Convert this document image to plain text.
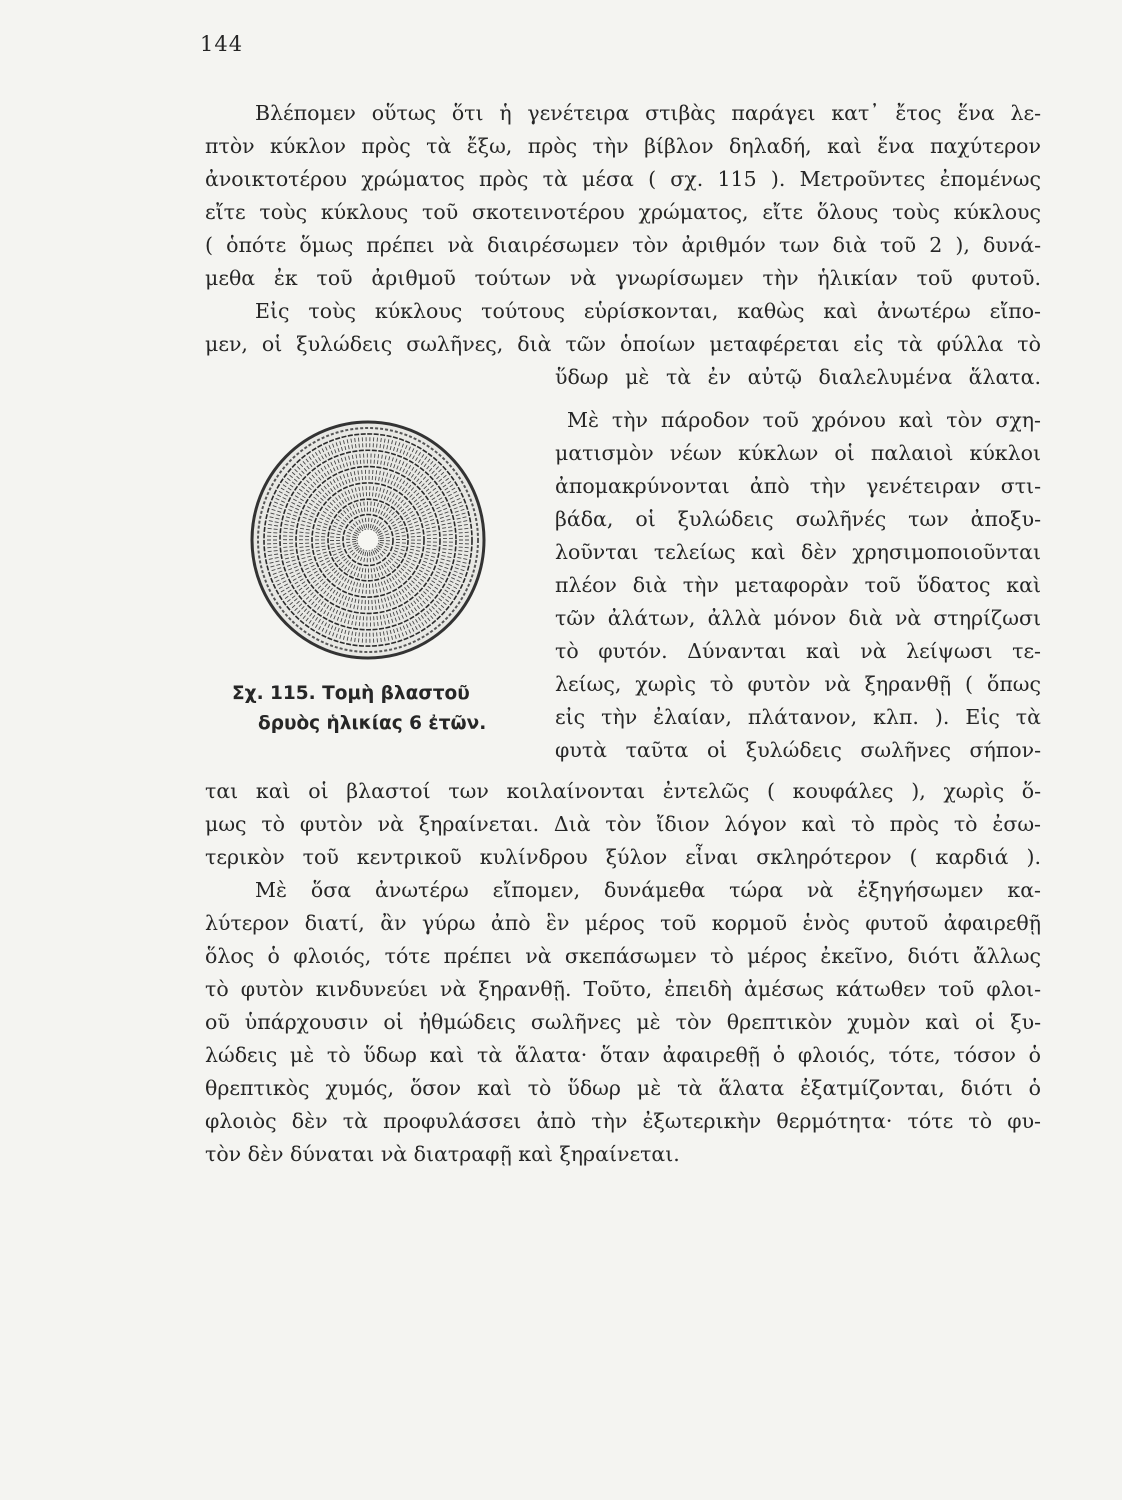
144
Βλέπομεν οὕτως ὅτι ἡ γενέτειρα στιβὰς παράγει κατ᾽ ἔτος ἕνα λε-
πτὸν κύκλον πρὸς τὰ ἔξω, πρὸς τὴν βίβλον δηλαδή, καὶ ἕνα παχύτερον
ἀνοικτοτέρου χρώματος πρὸς τὰ μέσα ( σχ. 115 ). Μετροῦντες ἐπομένως
εἴτε τοὺς κύκλους τοῦ σκοτεινοτέρου χρώματος, εἴτε ὅλους τοὺς κύκλους
( ὁπότε ὅμως πρέπει νὰ διαιρέσωμεν τὸν ἀριθμόν των διὰ τοῦ 2 ), δυνά-
μεθα ἐκ τοῦ ἀριθμοῦ τούτων νὰ γνωρίσωμεν τὴν ἡλικίαν τοῦ φυτοῦ.
Εἰς τοὺς κύκλους τούτους εὑρίσκονται, καθὼς καὶ ἀνωτέρω εἴπο-
μεν, οἱ ξυλώδεις σωλῆνες, διὰ τῶν ὁποίων μεταφέρεται εἰς τὰ φύλλα τὸ
ὕδωρ μὲ τὰ ἐν αὐτῷ διαλελυμένα ἅλατα.
Μὲ τὴν πάροδον τοῦ χρόνου καὶ τὸν σχη-
ματισμὸν νέων κύκλων οἱ παλαιοὶ κύκλοι
ἀπομακρύνονται ἀπὸ τὴν γενέτειραν στι-
βάδα, οἱ ξυλώδεις σωλῆνές των ἀποξυ-
λοῦνται τελείως καὶ δὲν χρησιμοποιοῦνται
πλέον διὰ τὴν μεταφορὰν τοῦ ὕδατος καὶ
τῶν ἀλάτων, ἀλλὰ μόνον διὰ νὰ στηρίζωσι
τὸ φυτόν. Δύνανται καὶ νὰ λείψωσι τε-
λείως, χωρὶς τὸ φυτὸν νὰ ξηρανθῇ ( ὅπως
εἰς τὴν ἐλαίαν, πλάτανον, κλπ. ). Εἰς τὰ
φυτὰ ταῦτα οἱ ξυλώδεις σωλῆνες σήπον-
ται καὶ οἱ βλαστοί των κοιλαίνονται ἐντελῶς ( κουφάλες ), χωρὶς ὅ-
μως τὸ φυτὸν νὰ ξηραίνεται. Διὰ τὸν ἴδιον λόγον καὶ τὸ πρὸς τὸ ἐσω-
τερικὸν τοῦ κεντρικοῦ κυλίνδρου ξύλον εἶναι σκληρότερον ( καρδιά ).
Μὲ ὅσα ἀνωτέρω εἴπομεν, δυνάμεθα τώρα νὰ ἐξηγήσωμεν κα-
λύτερον διατί, ἂν γύρω ἀπὸ ἓν μέρος τοῦ κορμοῦ ἑνὸς φυτοῦ ἀφαιρεθῇ
ὅλος ὁ φλοιός, τότε πρέπει νὰ σκεπάσωμεν τὸ μέρος ἐκεῖνο, διότι ἄλλως
τὸ φυτὸν κινδυνεύει νὰ ξηρανθῇ. Τοῦτο, ἐπειδὴ ἀμέσως κάτωθεν τοῦ φλοι-
οῦ ὑπάρχουσιν οἱ ἠθμώδεις σωλῆνες μὲ τὸν θρεπτικὸν χυμὸν καὶ οἱ ξυ-
λώδεις μὲ τὸ ὕδωρ καὶ τὰ ἅλατα· ὅταν ἀφαιρεθῇ ὁ φλοιός, τότε, τόσον ὁ
θρεπτικὸς χυμός, ὅσον καὶ τὸ ὕδωρ μὲ τὰ ἅλατα ἐξατμίζονται, διότι ὁ
φλοιὸς δὲν τὰ προφυλάσσει ἀπὸ τὴν ἐξωτερικὴν θερμότητα· τότε τὸ φυ-
τὸν δὲν δύναται νὰ διατραφῇ καὶ ξηραίνεται.
Σχ. 115. Τομὴ βλαστοῦ
δρυὸς ἡλικίας 6 ἐτῶν.
